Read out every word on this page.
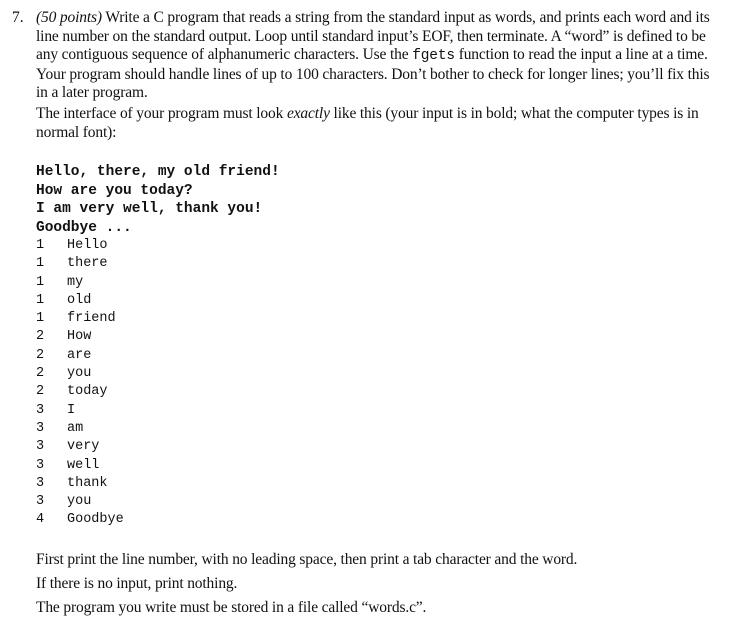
7. (50 points) Write a C program that reads a string from the standard input as words, and prints each word and its line number on the standard output. Loop until standard input’s EOF, then terminate. A “word” is defined to be any contiguous sequence of alphanumeric characters. Use the fgets function to read the input a line at a time. Your program should handle lines of up to 100 characters. Don’t bother to check for longer lines; you’ll fix this in a later program.
The interface of your program must look exactly like this (your input is in bold; what the computer types is in normal font):
Hello, there, my old friend!
How are you today?
I am very well, thank you!
Goodbye ...
1	Hello
1	there
1	my
1	old
1	friend
2	How
2	are
2	you
2	today
3	I
3	am
3	very
3	well
3	thank
3	you
4	Goodbye
First print the line number, with no leading space, then print a tab character and the word.
If there is no input, print nothing.
The program you write must be stored in a file called “words.c”.
